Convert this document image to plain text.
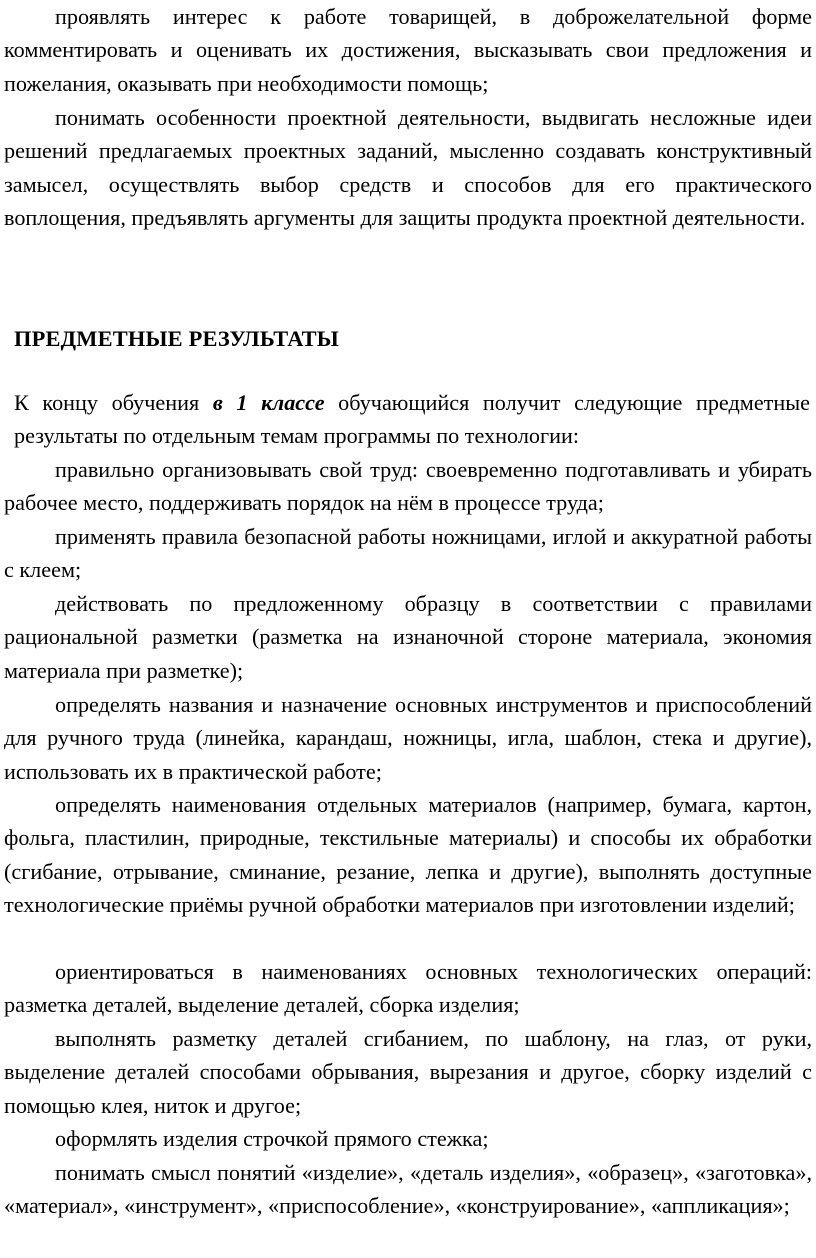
проявлять интерес к работе товарищей, в доброжелательной форме комментировать и оценивать их достижения, высказывать свои предложения и пожелания, оказывать при необходимости помощь;

понимать особенности проектной деятельности, выдвигать несложные идеи решений предлагаемых проектных заданий, мысленно создавать конструктивный замысел, осуществлять выбор средств и способов для его практического воплощения, предъявлять аргументы для защиты продукта проектной деятельности.

ПРЕДМЕТНЫЕ РЕЗУЛЬТАТЫ

К концу обучения в 1 классе обучающийся получит следующие предметные результаты по отдельным темам программы по технологии:

правильно организовывать свой труд: своевременно подготавливать и убирать рабочее место, поддерживать порядок на нём в процессе труда;

применять правила безопасной работы ножницами, иглой и аккуратной работы с клеем;

действовать по предложенному образцу в соответствии с правилами рациональной разметки (разметка на изнаночной стороне материала, экономия материала при разметке);

определять названия и назначение основных инструментов и приспособлений для ручного труда (линейка, карандаш, ножницы, игла, шаблон, стека и другие), использовать их в практической работе;

определять наименования отдельных материалов (например, бумага, картон, фольга, пластилин, природные, текстильные материалы) и способы их обработки (сгибание, отрывание, сминание, резание, лепка и другие), выполнять доступные технологические приёмы ручной обработки материалов при изготовлении изделий;

ориентироваться в наименованиях основных технологических операций: разметка деталей, выделение деталей, сборка изделия;

выполнять разметку деталей сгибанием, по шаблону, на глаз, от руки, выделение деталей способами обрывания, вырезания и другое, сборку изделий с помощью клея, ниток и другое;

оформлять изделия строчкой прямого стежка;

понимать смысл понятий «изделие», «деталь изделия», «образец», «заготовка», «материал», «инструмент», «приспособление», «конструирование», «аппликация»;
